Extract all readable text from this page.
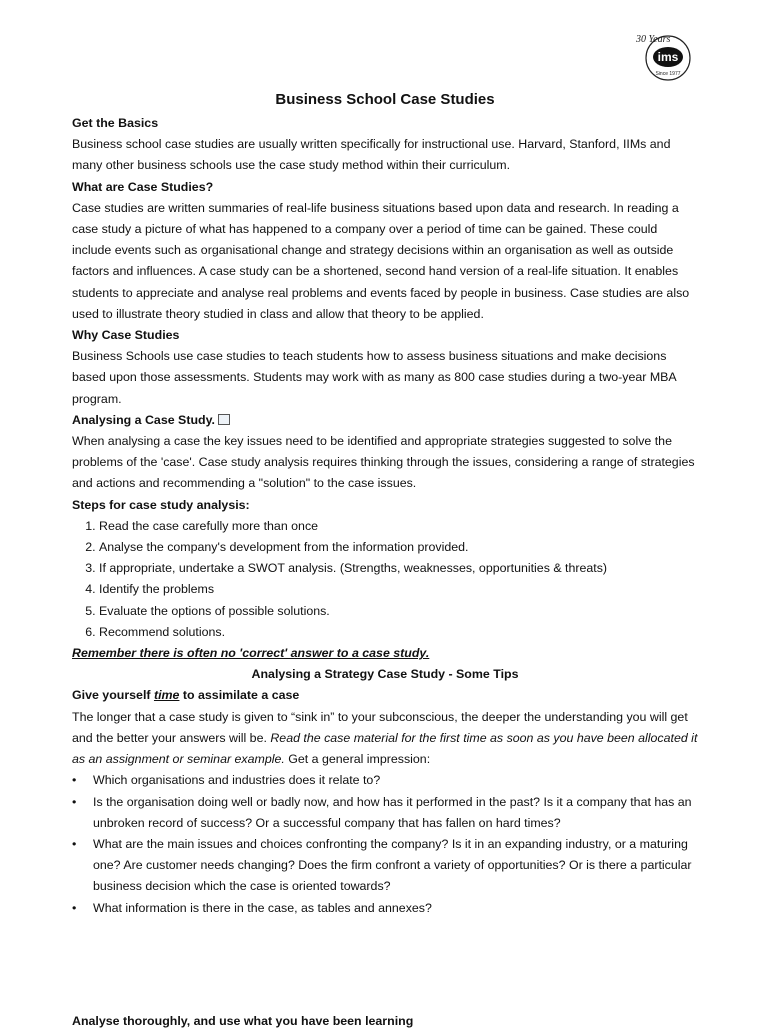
30 Years
ims
Since 1977
Business School Case Studies
Get the Basics

Business school case studies are usually written specifically for instructional use. Harvard, Stanford, IIMs and many other business schools use the case study method within their curriculum.

What are Case Studies?

Case studies are written summaries of real-life business situations based upon data and research. In reading a case study a picture of what has happened to a company over a period of time can be gained. These could include events such as organisational change and strategy decisions within an organisation as well as outside factors and influences. A case study can be a shortened, second hand version of a real-life situation. It enables students to appreciate and analyse real problems and events faced by people in business. Case studies are also used to illustrate theory studied in class and allow that theory to be applied.

Why Case Studies

Business Schools use case studies to teach students how to assess business situations and make decisions based upon those assessments. Students may work with as many as 800 case studies during a two-year MBA program.

Analysing a Case Study.

When analysing a case the key issues need to be identified and appropriate strategies suggested to solve the problems of the 'case'. Case study analysis requires thinking through the issues, considering a range of strategies and actions and recommending a "solution" to the case issues.

Steps for case study analysis:
1. Read the case carefully more than once
2. Analyse the company's development from the information provided.
3. If appropriate, undertake a SWOT analysis. (Strengths, weaknesses, opportunities & threats)
4. Identify the problems
5. Evaluate the options of possible solutions.
6. Recommend solutions.
Remember there is often no 'correct' answer to a case study.
Analysing a Strategy Case Study - Some Tips
Give yourself time to assimilate a case

The longer that a case study is given to “sink in” to your subconscious, the deeper the understanding you will get and the better your answers will be. Read the case material for the first time as soon as you have been allocated it as an assignment or seminar example. Get a general impression:

• Which organisations and industries does it relate to?
• Is the organisation doing well or badly now, and how has it performed in the past? Is it a company that has an unbroken record of success? Or a successful company that has fallen on hard times?
• What are the main issues and choices confronting the company? Is it in an expanding industry, or a maturing one? Are customer needs changing? Does the firm confront a variety of opportunities? Or is there a particular business decision which the case is oriented towards?
• What information is there in the case, as tables and annexes?
Analyse thoroughly, and use what you have been learning
